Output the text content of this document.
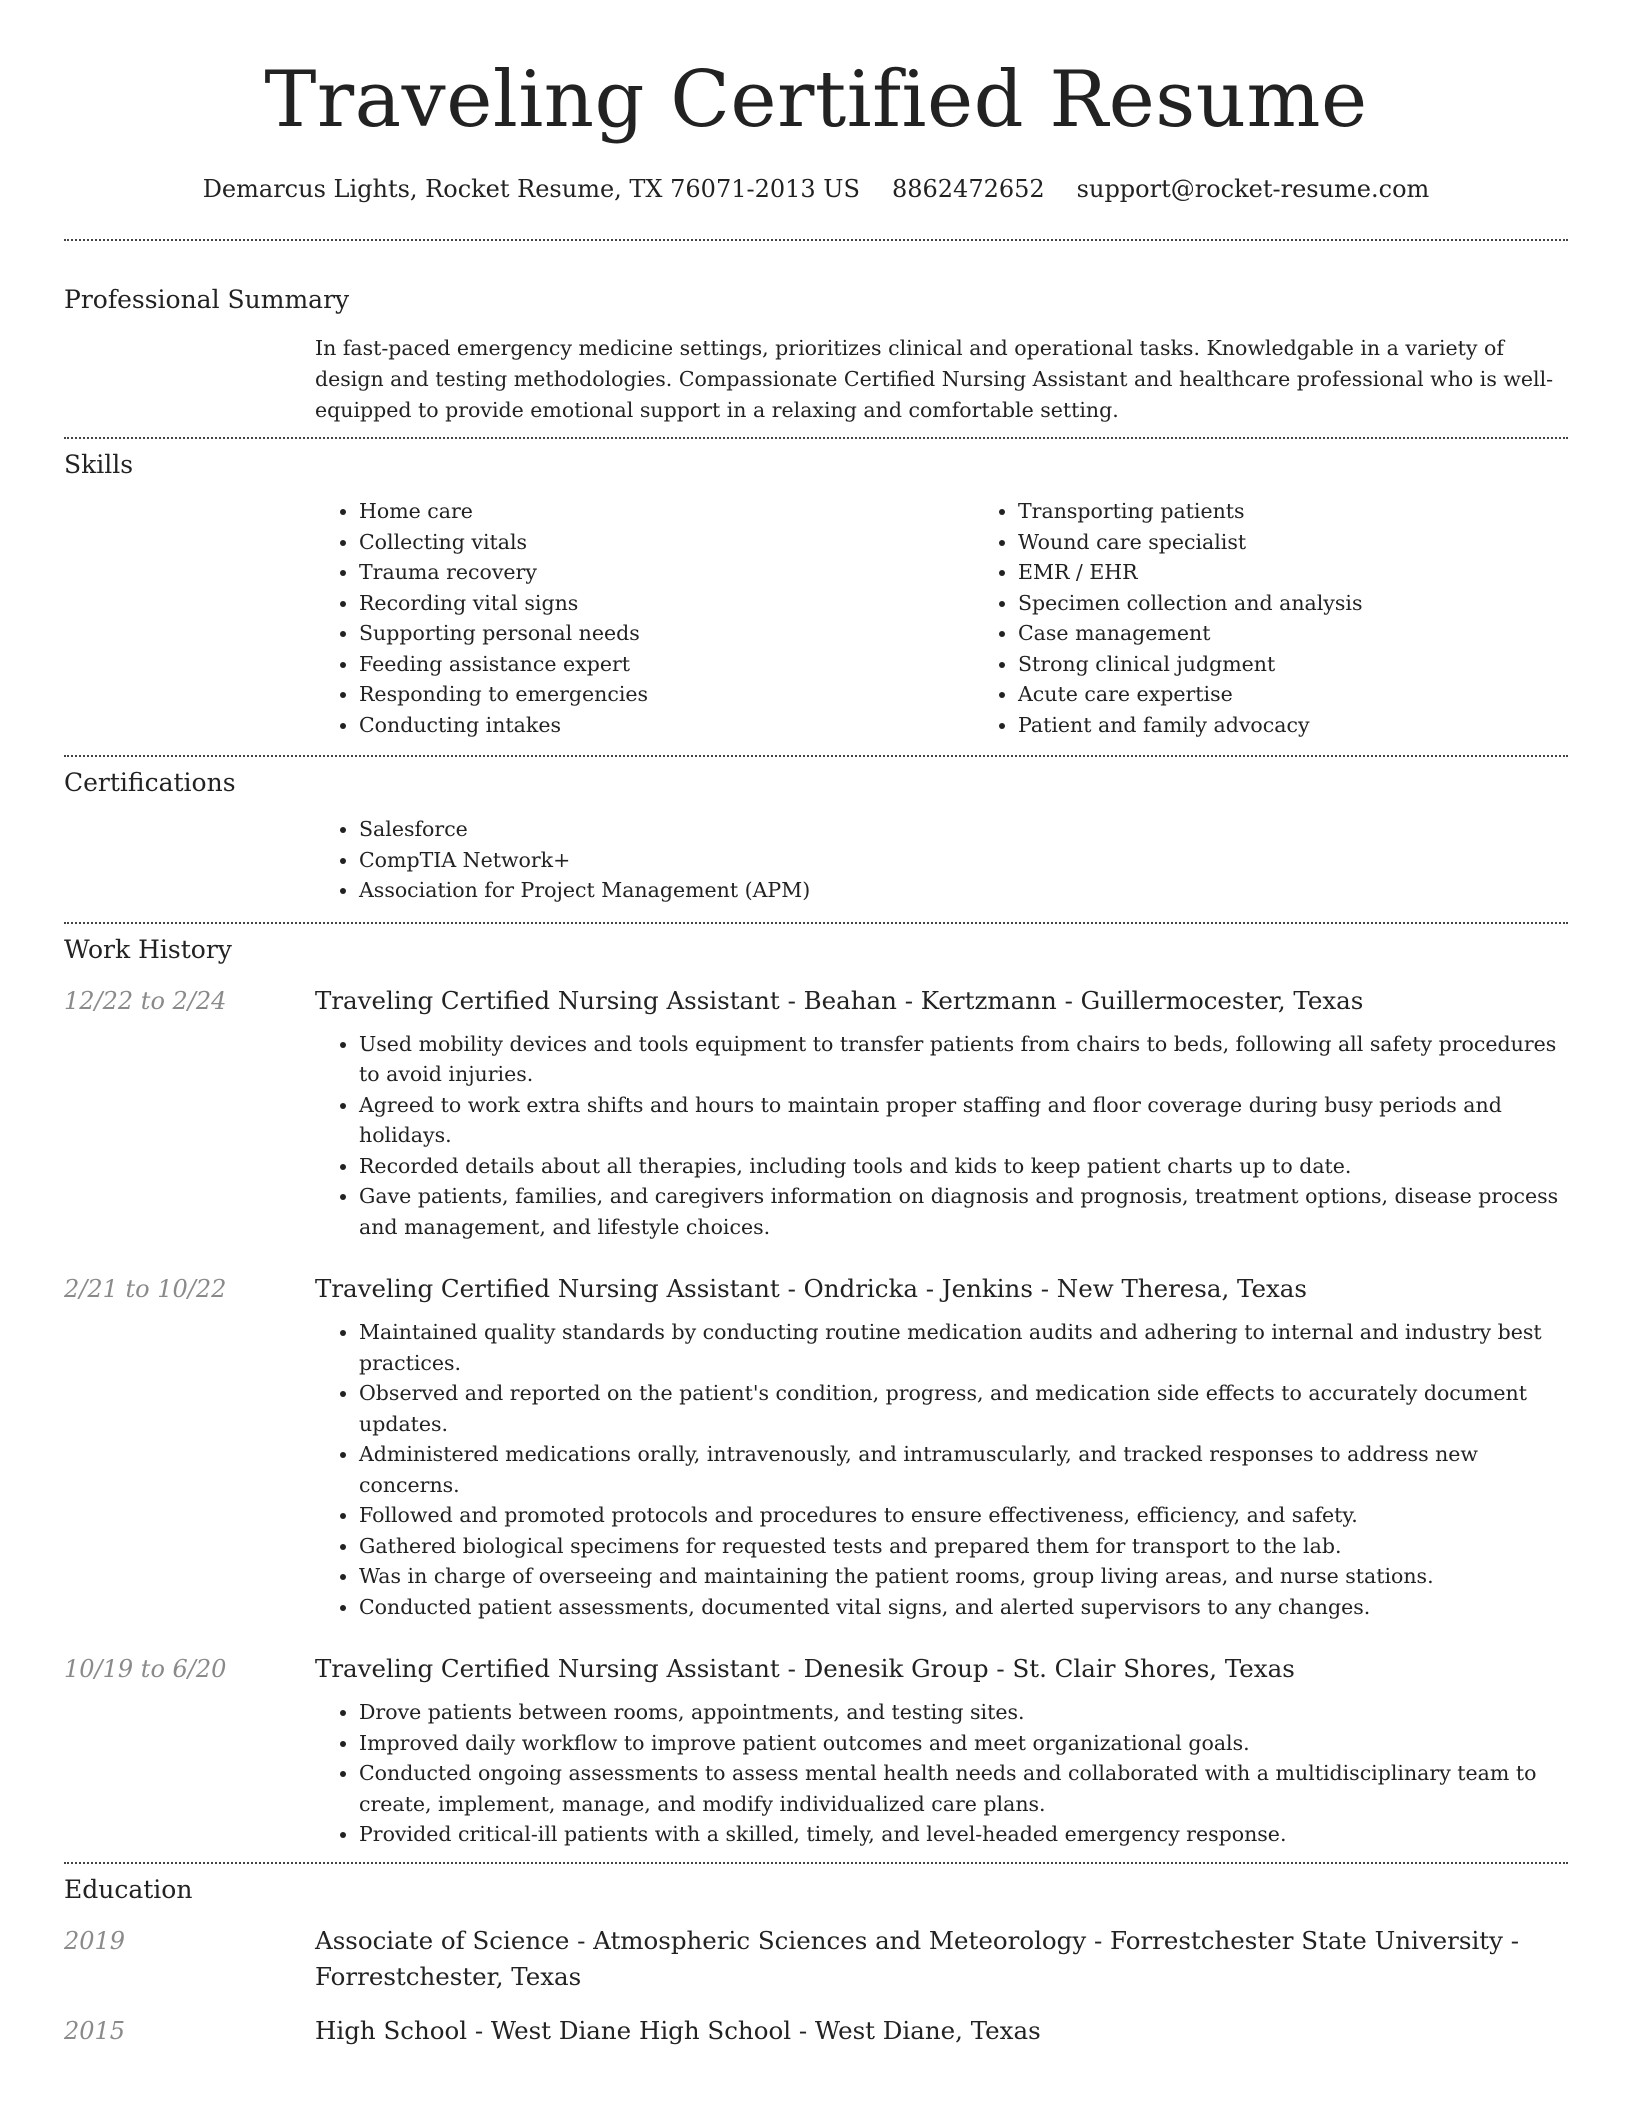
Traveling Certified Resume
Demarcus Lights, Rocket Resume, TX 76071-2013 US 8862472652 support@rocket-resume.com
Professional Summary
In fast-paced emergency medicine settings, prioritizes clinical and operational tasks. Knowledgable in a variety of design and testing methodologies. Compassionate Certified Nursing Assistant and healthcare professional who is well-equipped to provide emotional support in a relaxing and comfortable setting.
Skills
• Home care
• Collecting vitals
• Trauma recovery
• Recording vital signs
• Supporting personal needs
• Feeding assistance expert
• Responding to emergencies
• Conducting intakes
• Transporting patients
• Wound care specialist
• EMR / EHR
• Specimen collection and analysis
• Case management
• Strong clinical judgment
• Acute care expertise
• Patient and family advocacy
Certifications
• Salesforce
• CompTIA Network+
• Association for Project Management (APM)
Work History
12/22 to 2/24	Traveling Certified Nursing Assistant - Beahan - Kertzmann - Guillermocester, Texas
• Used mobility devices and tools equipment to transfer patients from chairs to beds, following all safety procedures to avoid injuries.
• Agreed to work extra shifts and hours to maintain proper staffing and floor coverage during busy periods and holidays.
• Recorded details about all therapies, including tools and kids to keep patient charts up to date.
• Gave patients, families, and caregivers information on diagnosis and prognosis, treatment options, disease process and management, and lifestyle choices.
2/21 to 10/22	Traveling Certified Nursing Assistant - Ondricka - Jenkins - New Theresa, Texas
• Maintained quality standards by conducting routine medication audits and adhering to internal and industry best practices.
• Observed and reported on the patient's condition, progress, and medication side effects to accurately document updates.
• Administered medications orally, intravenously, and intramuscularly, and tracked responses to address new concerns.
• Followed and promoted protocols and procedures to ensure effectiveness, efficiency, and safety.
• Gathered biological specimens for requested tests and prepared them for transport to the lab.
• Was in charge of overseeing and maintaining the patient rooms, group living areas, and nurse stations.
• Conducted patient assessments, documented vital signs, and alerted supervisors to any changes.
10/19 to 6/20	Traveling Certified Nursing Assistant - Denesik Group - St. Clair Shores, Texas
• Drove patients between rooms, appointments, and testing sites.
• Improved daily workflow to improve patient outcomes and meet organizational goals.
• Conducted ongoing assessments to assess mental health needs and collaborated with a multidisciplinary team to create, implement, manage, and modify individualized care plans.
• Provided critical-ill patients with a skilled, timely, and level-headed emergency response.
Education
2019	Associate of Science - Atmospheric Sciences and Meteorology - Forrestchester State University - Forrestchester, Texas
2015	High School - West Diane High School - West Diane, Texas
